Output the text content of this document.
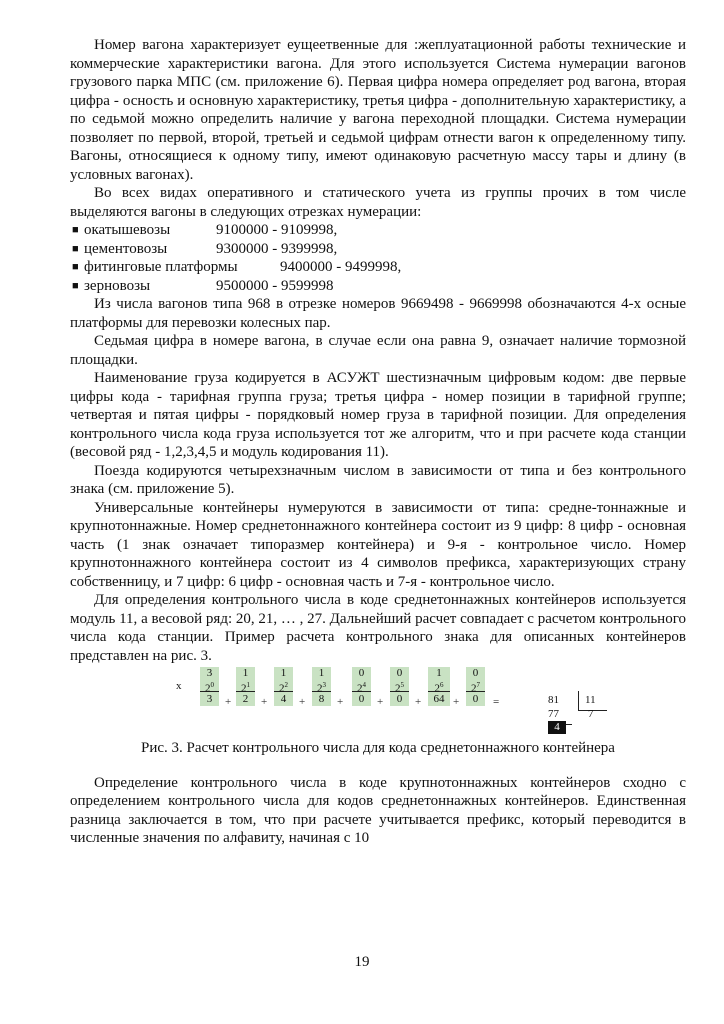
Номер вагона характеризует еущеетвенные для :жеплуатационной работы технические и коммерческие характеристики вагона. Для этого используется Система нумерации вагонов грузового парка МПС (см. приложение 6). Первая цифра номера определяет род вагона, вторая цифра - осность и основную характеристику, третья цифра - дополнительную характеристику, а по седьмой можно определить наличие у вагона переходной площадки. Система нумерации позволяет по первой, второй, третьей и седьмой цифрам отнести вагон к определенному типу. Вагоны, относящиеся к одному типу, имеют одинаковую расчетную массу тары и длину (в условных вагонах).

Во всех видах оперативного и статического учета из группы прочих в том числе выделяются вагоны в следующих отрезках нумерации:

■ окатышевозы	9100000 - 9109998,
■ цементовозы	9300000 - 9399998,
■ фитинговые платформы	9400000 - 9499998,
■ зерновозы	9500000 - 9599998

Из числа вагонов типа 968 в отрезке номеров 9669498 - 9669998 обозначаются 4-х осные платформы для перевозки колесных пар.

Седьмая цифра в номере вагона, в случае если она равна 9, означает наличие тормозной площадки.

Наименование груза кодируется в АСУЖТ шестизначным цифровым кодом: две первые цифры кода - тарифная группа груза; третья цифра - номер позиции в тарифной группе; четвертая и пятая цифры - порядковый номер груза в тарифной позиции. Для определения контрольного числа кода груза используется тот же алгоритм, что и при расчете кода станции (весовой ряд - 1,2,3,4,5 и модуль кодирования 11).

Поезда кодируются четырехзначным числом в зависимости от типа и без контрольного знака (см. приложение 5).

Универсальные контейнеры нумеруются в зависимости от типа: средне-тоннажные и крупнотоннажные. Номер среднетоннажного контейнера состоит из 9 цифр: 8 цифр - основная часть (1 знак означает типоразмер контейнера) и 9-я - контрольное число. Номер крупнотоннажного контейнера состоит из 4 символов префикса, характеризующих страну собственницу, и 7 цифр: 6 цифр - основная часть и 7-я - контрольное число.

Для определения контрольного числа в коде среднетоннажных контейнеров используется модуль 11, а весовой ряд: 20, 21, … , 27. Дальнейший расчет совпадает с расчетом контрольного числа кода станции. Пример расчета контрольного знака для описанных контейнеров представлен на рис. 3.

x
81	11
77	7
4
3
$2^0$
3
1
$2^1$
2
1
$2^2$
4
1
$2^3$
8
0
$2^4$
0
0
$2^5$
0
1
$2^6$
64
0
$2^7$
0
+	+	+	+	+	+	+	=
Рис. 3. Расчет контрольного числа для кода среднетоннажного контейнера

Определение контрольного числа в коде крупнотоннажных контейнеров сходно с определением контрольного числа для кодов среднетоннажных контейнеров. Единственная разница заключается в том, что при расчете учитывается префикс, который переводится в численные значения по алфавиту, начиная с 10

19
